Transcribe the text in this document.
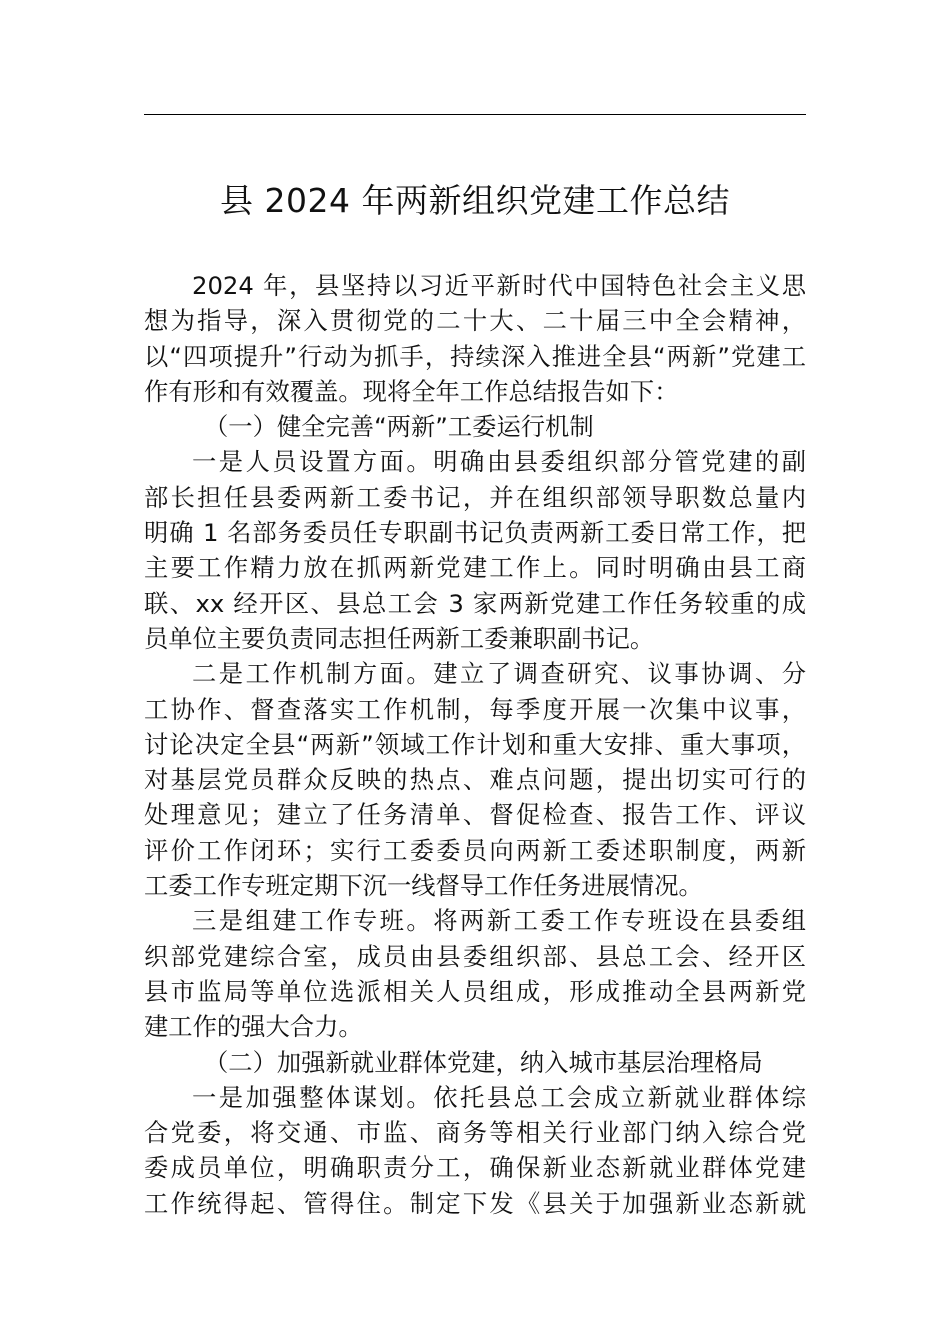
县 2024 年两新组织党建工作总结
2024 年，县坚持以习近平新时代中国特色社会主义思
想为指导，深入贯彻党的二十大、二十届三中全会精神，
以“四项提升”行动为抓手，持续深入推进全县“两新”党建工
作有形和有效覆盖。现将全年工作总结报告如下：
（一）健全完善“两新”工委运行机制
一是人员设置方面。明确由县委组织部分管党建的副
部长担任县委两新工委书记，并在组织部领导职数总量内
明确 1 名部务委员任专职副书记负责两新工委日常工作，把
主要工作精力放在抓两新党建工作上。同时明确由县工商
联、xx 经开区、县总工会 3 家两新党建工作任务较重的成
员单位主要负责同志担任两新工委兼职副书记。
二是工作机制方面。建立了调查研究、议事协调、分
工协作、督查落实工作机制，每季度开展一次集中议事，
讨论决定全县“两新”领域工作计划和重大安排、重大事项，
对基层党员群众反映的热点、难点问题，提出切实可行的
处理意见；建立了任务清单、督促检查、报告工作、评议
评价工作闭环；实行工委委员向两新工委述职制度，两新
工委工作专班定期下沉一线督导工作任务进展情况。
三是组建工作专班。将两新工委工作专班设在县委组
织部党建综合室，成员由县委组织部、县总工会、经开区
县市监局等单位选派相关人员组成，形成推动全县两新党
建工作的强大合力。
（二）加强新就业群体党建，纳入城市基层治理格局
一是加强整体谋划。依托县总工会成立新就业群体综
合党委，将交通、市监、商务等相关行业部门纳入综合党
委成员单位，明确职责分工，确保新业态新就业群体党建
工作统得起、管得住。制定下发《县关于加强新业态新就
